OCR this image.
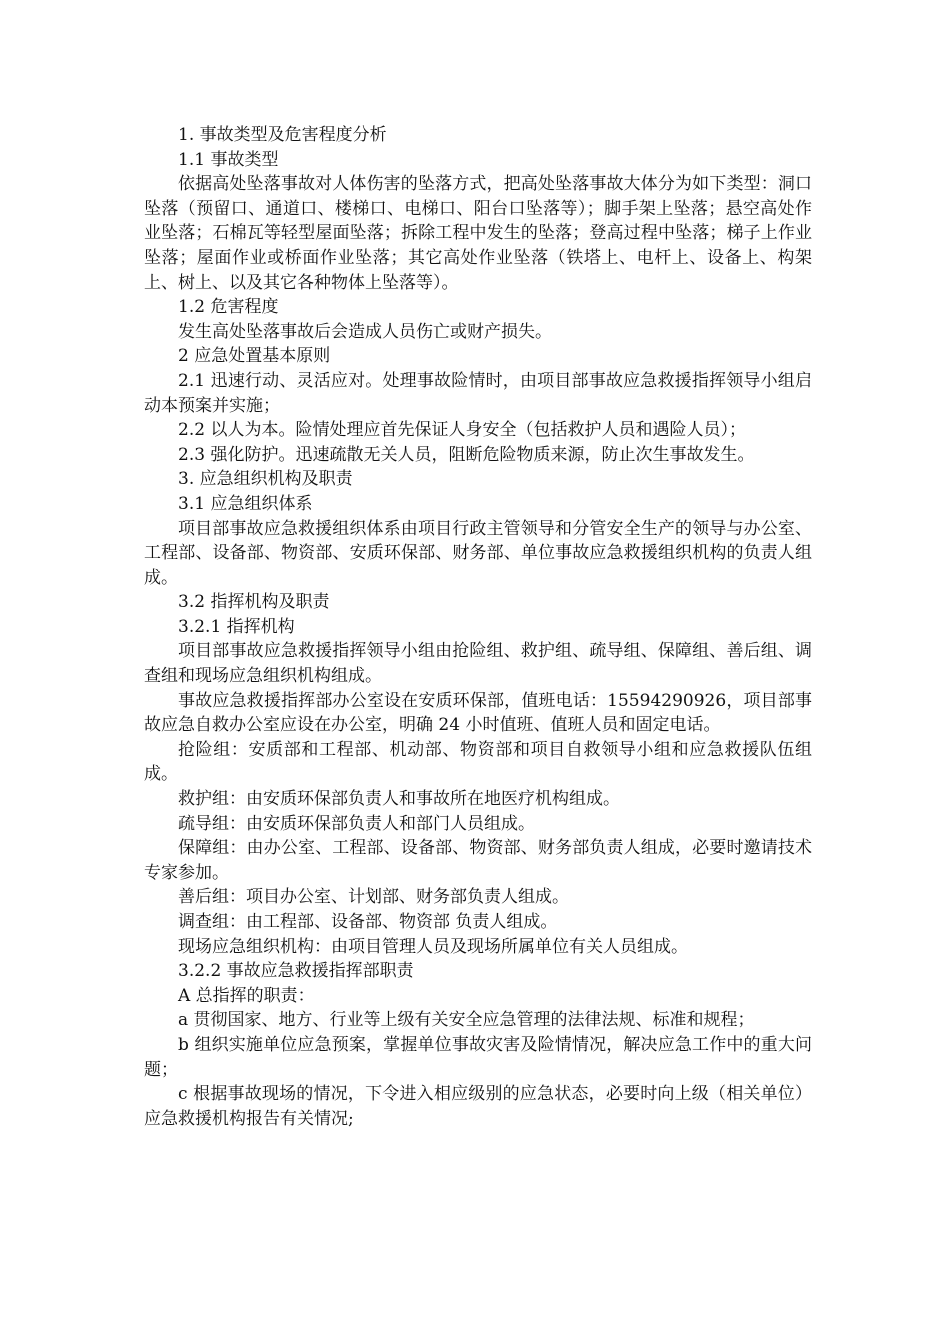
1. 事故类型及危害程度分析

1.1 事故类型

依据高处坠落事故对人体伤害的坠落方式，把高处坠落事故大体分为如下类型：洞口坠落（预留口、通道口、楼梯口、电梯口、阳台口坠落等）；脚手架上坠落；悬空高处作业坠落；石棉瓦等轻型屋面坠落；拆除工程中发生的坠落；登高过程中坠落；梯子上作业坠落；屋面作业或桥面作业坠落；其它高处作业坠落（铁塔上、电杆上、设备上、构架上、树上、以及其它各种物体上坠落等）。

1.2 危害程度

发生高处坠落事故后会造成人员伤亡或财产损失。

2 应急处置基本原则

2.1 迅速行动、灵活应对。处理事故险情时，由项目部事故应急救援指挥领导小组启动本预案并实施；

2.2 以人为本。险情处理应首先保证人身安全（包括救护人员和遇险人员）；

2.3 强化防护。迅速疏散无关人员，阻断危险物质来源，防止次生事故发生。

3. 应急组织机构及职责

3.1 应急组织体系

项目部事故应急救援组织体系由项目行政主管领导和分管安全生产的领导与办公室、工程部、设备部、物资部、安质环保部、财务部、单位事故应急救援组织机构的负责人组成。

3.2 指挥机构及职责

3.2.1 指挥机构

项目部事故应急救援指挥领导小组由抢险组、救护组、疏导组、保障组、善后组、调查组和现场应急组织机构组成。

事故应急救援指挥部办公室设在安质环保部，值班电话：15594290926，项目部事故应急自救办公室应设在办公室，明确 24 小时值班、值班人员和固定电话。

抢险组：安质部和工程部、机动部、物资部和项目自救领导小组和应急救援队伍组成。

救护组：由安质环保部负责人和事故所在地医疗机构组成。

疏导组：由安质环保部负责人和部门人员组成。

保障组：由办公室、工程部、设备部、物资部、财务部负责人组成，必要时邀请技术专家参加。

善后组：项目办公室、计划部、财务部负责人组成。

调查组：由工程部、设备部、物资部 负责人组成。

现场应急组织机构：由项目管理人员及现场所属单位有关人员组成。

3.2.2 事故应急救援指挥部职责

A 总指挥的职责：

a 贯彻国家、地方、行业等上级有关安全应急管理的法律法规、标准和规程；

b 组织实施单位应急预案，掌握单位事故灾害及险情情况，解决应急工作中的重大问题；

c 根据事故现场的情况，下令进入相应级别的应急状态，必要时向上级（相关单位）应急救援机构报告有关情况;
